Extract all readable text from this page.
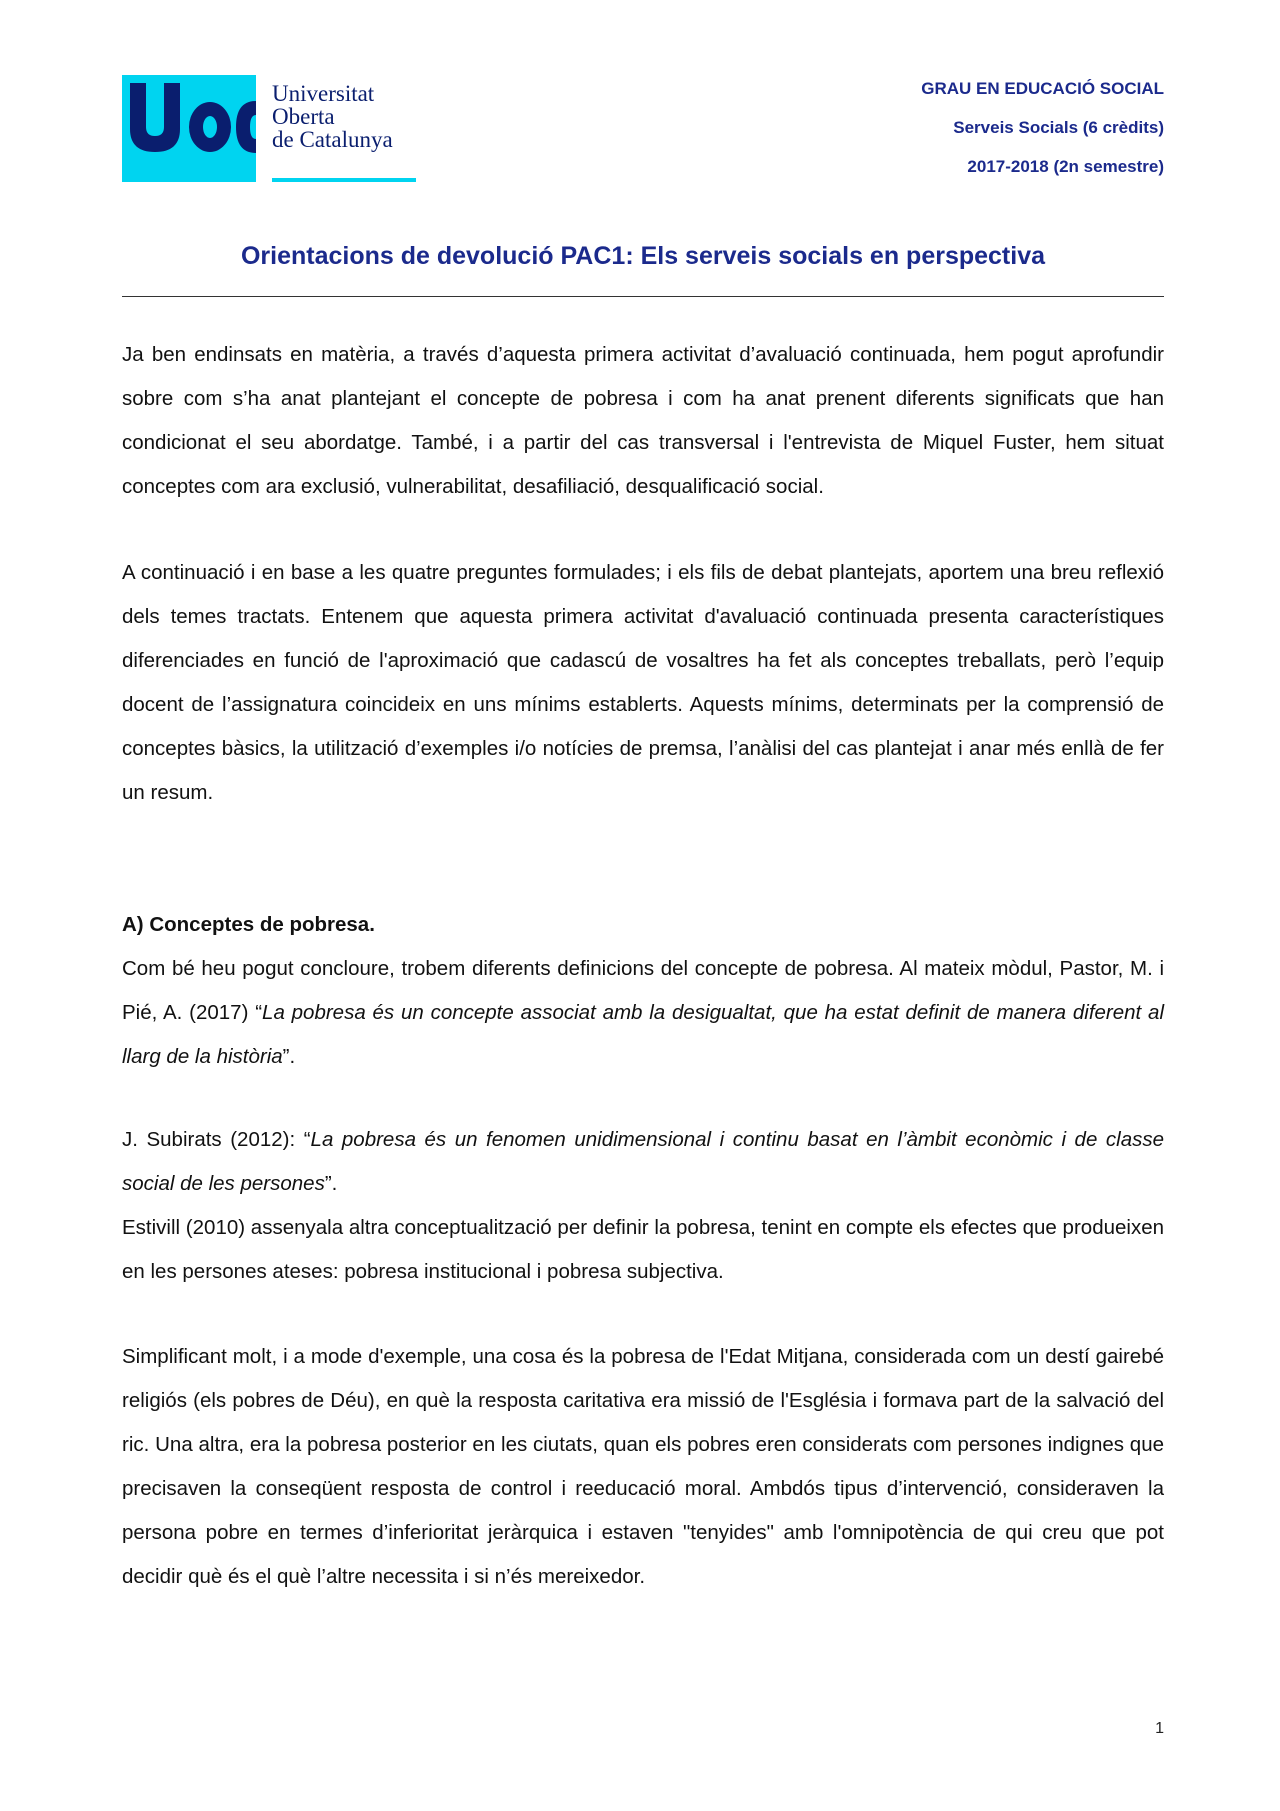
Universitat
Oberta
de Catalunya
GRAU EN EDUCACIÓ SOCIAL
Serveis Socials (6 crèdits)
2017-2018 (2n semestre)
Orientacions de devolució PAC1: Els serveis socials en perspectiva

Ja ben endinsats en matèria, a través d’aquesta primera activitat d’avaluació continuada, hem pogut aprofundir sobre com s’ha anat plantejant el concepte de pobresa i com ha anat prenent diferents significats que han condicionat el seu abordatge. També, i a partir del cas transversal i l'entrevista de Miquel Fuster, hem situat conceptes com ara exclusió, vulnerabilitat, desafiliació, desqualificació social.

A continuació i en base a les quatre preguntes formulades; i els fils de debat plantejats, aportem una breu reflexió dels temes tractats. Entenem que aquesta primera activitat d'avaluació continuada presenta característiques diferenciades en funció de l'aproximació que cadascú de vosaltres ha fet als conceptes treballats, però l’equip docent de l’assignatura coincideix en uns mínims establerts. Aquests mínims, determinats per la comprensió de conceptes bàsics, la utilització d’exemples i/o notícies de premsa, l’anàlisi del cas plantejat i anar més enllà de fer un resum.

A) Conceptes de pobresa.

Com bé heu pogut concloure, trobem diferents definicions del concepte de pobresa. Al mateix mòdul, Pastor, M. i Pié, A. (2017) “La pobresa és un concepte associat amb la desigualtat, que ha estat definit de manera diferent al llarg de la història”.

J. Subirats (2012): “La pobresa és un fenomen unidimensional i continu basat en l’àmbit econòmic i de classe social de les persones”.

Estivill (2010) assenyala altra conceptualització per definir la pobresa, tenint en compte els efectes que produeixen en les persones ateses: pobresa institucional i pobresa subjectiva.

Simplificant molt, i a mode d'exemple, una cosa és la pobresa de l'Edat Mitjana, considerada com un destí gairebé religiós (els pobres de Déu), en què la resposta caritativa era missió de l'Església i formava part de la salvació del ric. Una altra, era la pobresa posterior en les ciutats, quan els pobres eren considerats com persones indignes que precisaven la conseqüent resposta de control i reeducació moral. Ambdós tipus d’intervenció, consideraven la persona pobre en termes d’inferioritat jeràrquica i estaven "tenyides" amb l'omnipotència de qui creu que pot decidir què és el què l’altre necessita i si n’és mereixedor.

1
